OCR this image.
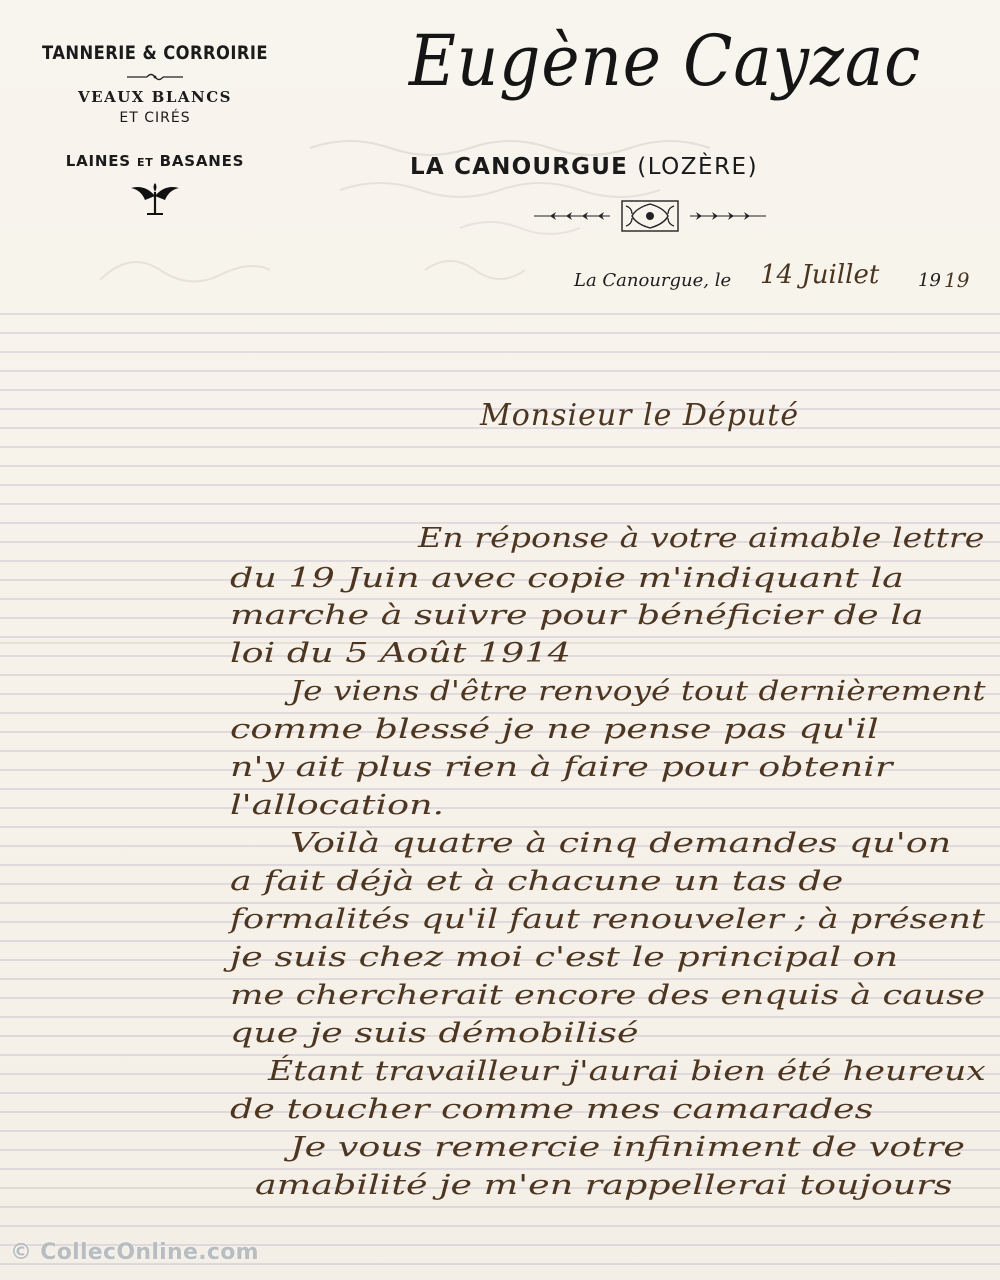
TANNERIE & CORROIRIE
VEAUX BLANCS
ET CIRÉS
LAINES ET BASANES
Eugène Cayzac
LA CANOURGUE (LOZÈRE)
La Canourgue, le 14 Juillet 19 19
Monsieur le Député
En réponse à votre aimable lettre
du 19 Juin avec copie m'indiquant la
marche à suivre pour bénéficier de la
loi du 5 Août 1914
Je viens d'être renvoyé tout dernièrement
comme blessé je ne pense pas qu'il
n'y ait plus rien à faire pour obtenir
l'allocation.
Voilà quatre à cinq demandes qu'on
a fait déjà et à chacune un tas de
formalités qu'il faut renouveler ; à présent
je suis chez moi c'est le principal on
me chercherait encore des enquis à cause
que je suis démobilisé
Étant travailleur j'aurai bien été heureux
de toucher comme mes camarades
Je vous remercie infiniment de votre
amabilité je m'en rappellerai toujours
© CollecOnline.com
